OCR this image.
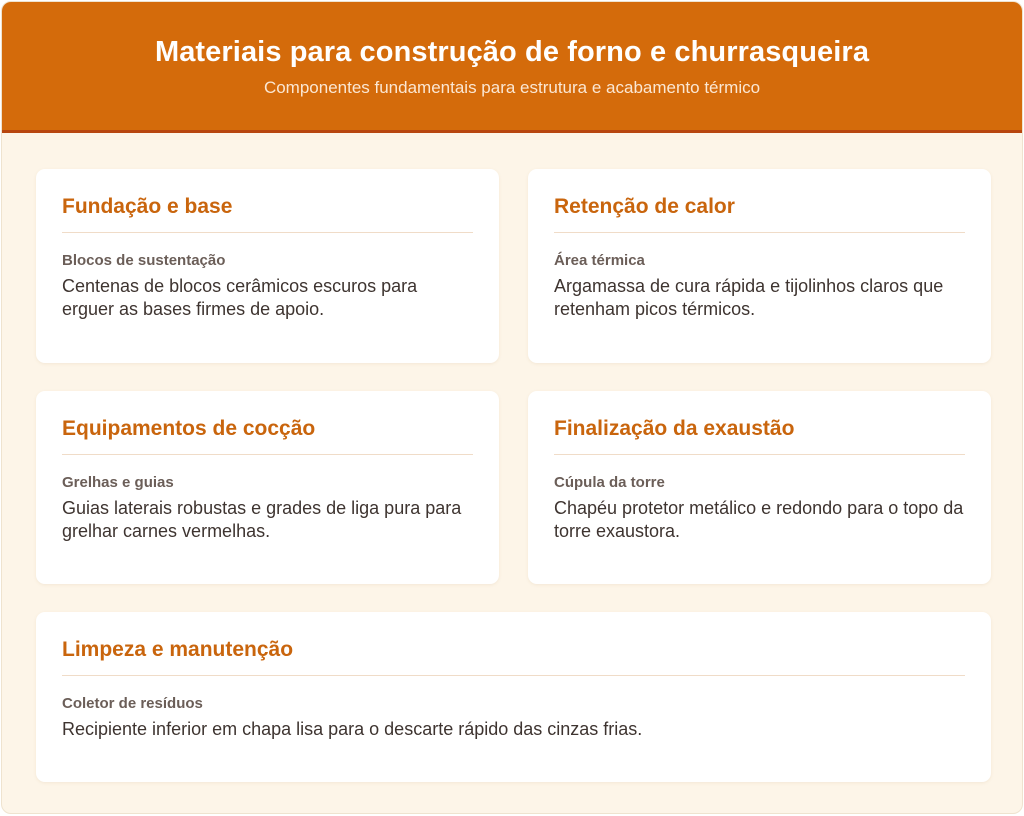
Materiais para construção de forno e churrasqueira

Componentes fundamentais para estrutura e acabamento térmico

Fundação e base

Blocos de sustentação

Centenas de blocos cerâmicos escuros para erguer as bases firmes de apoio.

Retenção de calor

Área térmica

Argamassa de cura rápida e tijolinhos claros que retenham picos térmicos.

Equipamentos de cocção

Grelhas e guias

Guias laterais robustas e grades de liga pura para grelhar carnes vermelhas.

Finalização da exaustão

Cúpula da torre

Chapéu protetor metálico e redondo para o topo da torre exaustora.

Limpeza e manutenção

Coletor de resíduos

Recipiente inferior em chapa lisa para o descarte rápido das cinzas frias.
